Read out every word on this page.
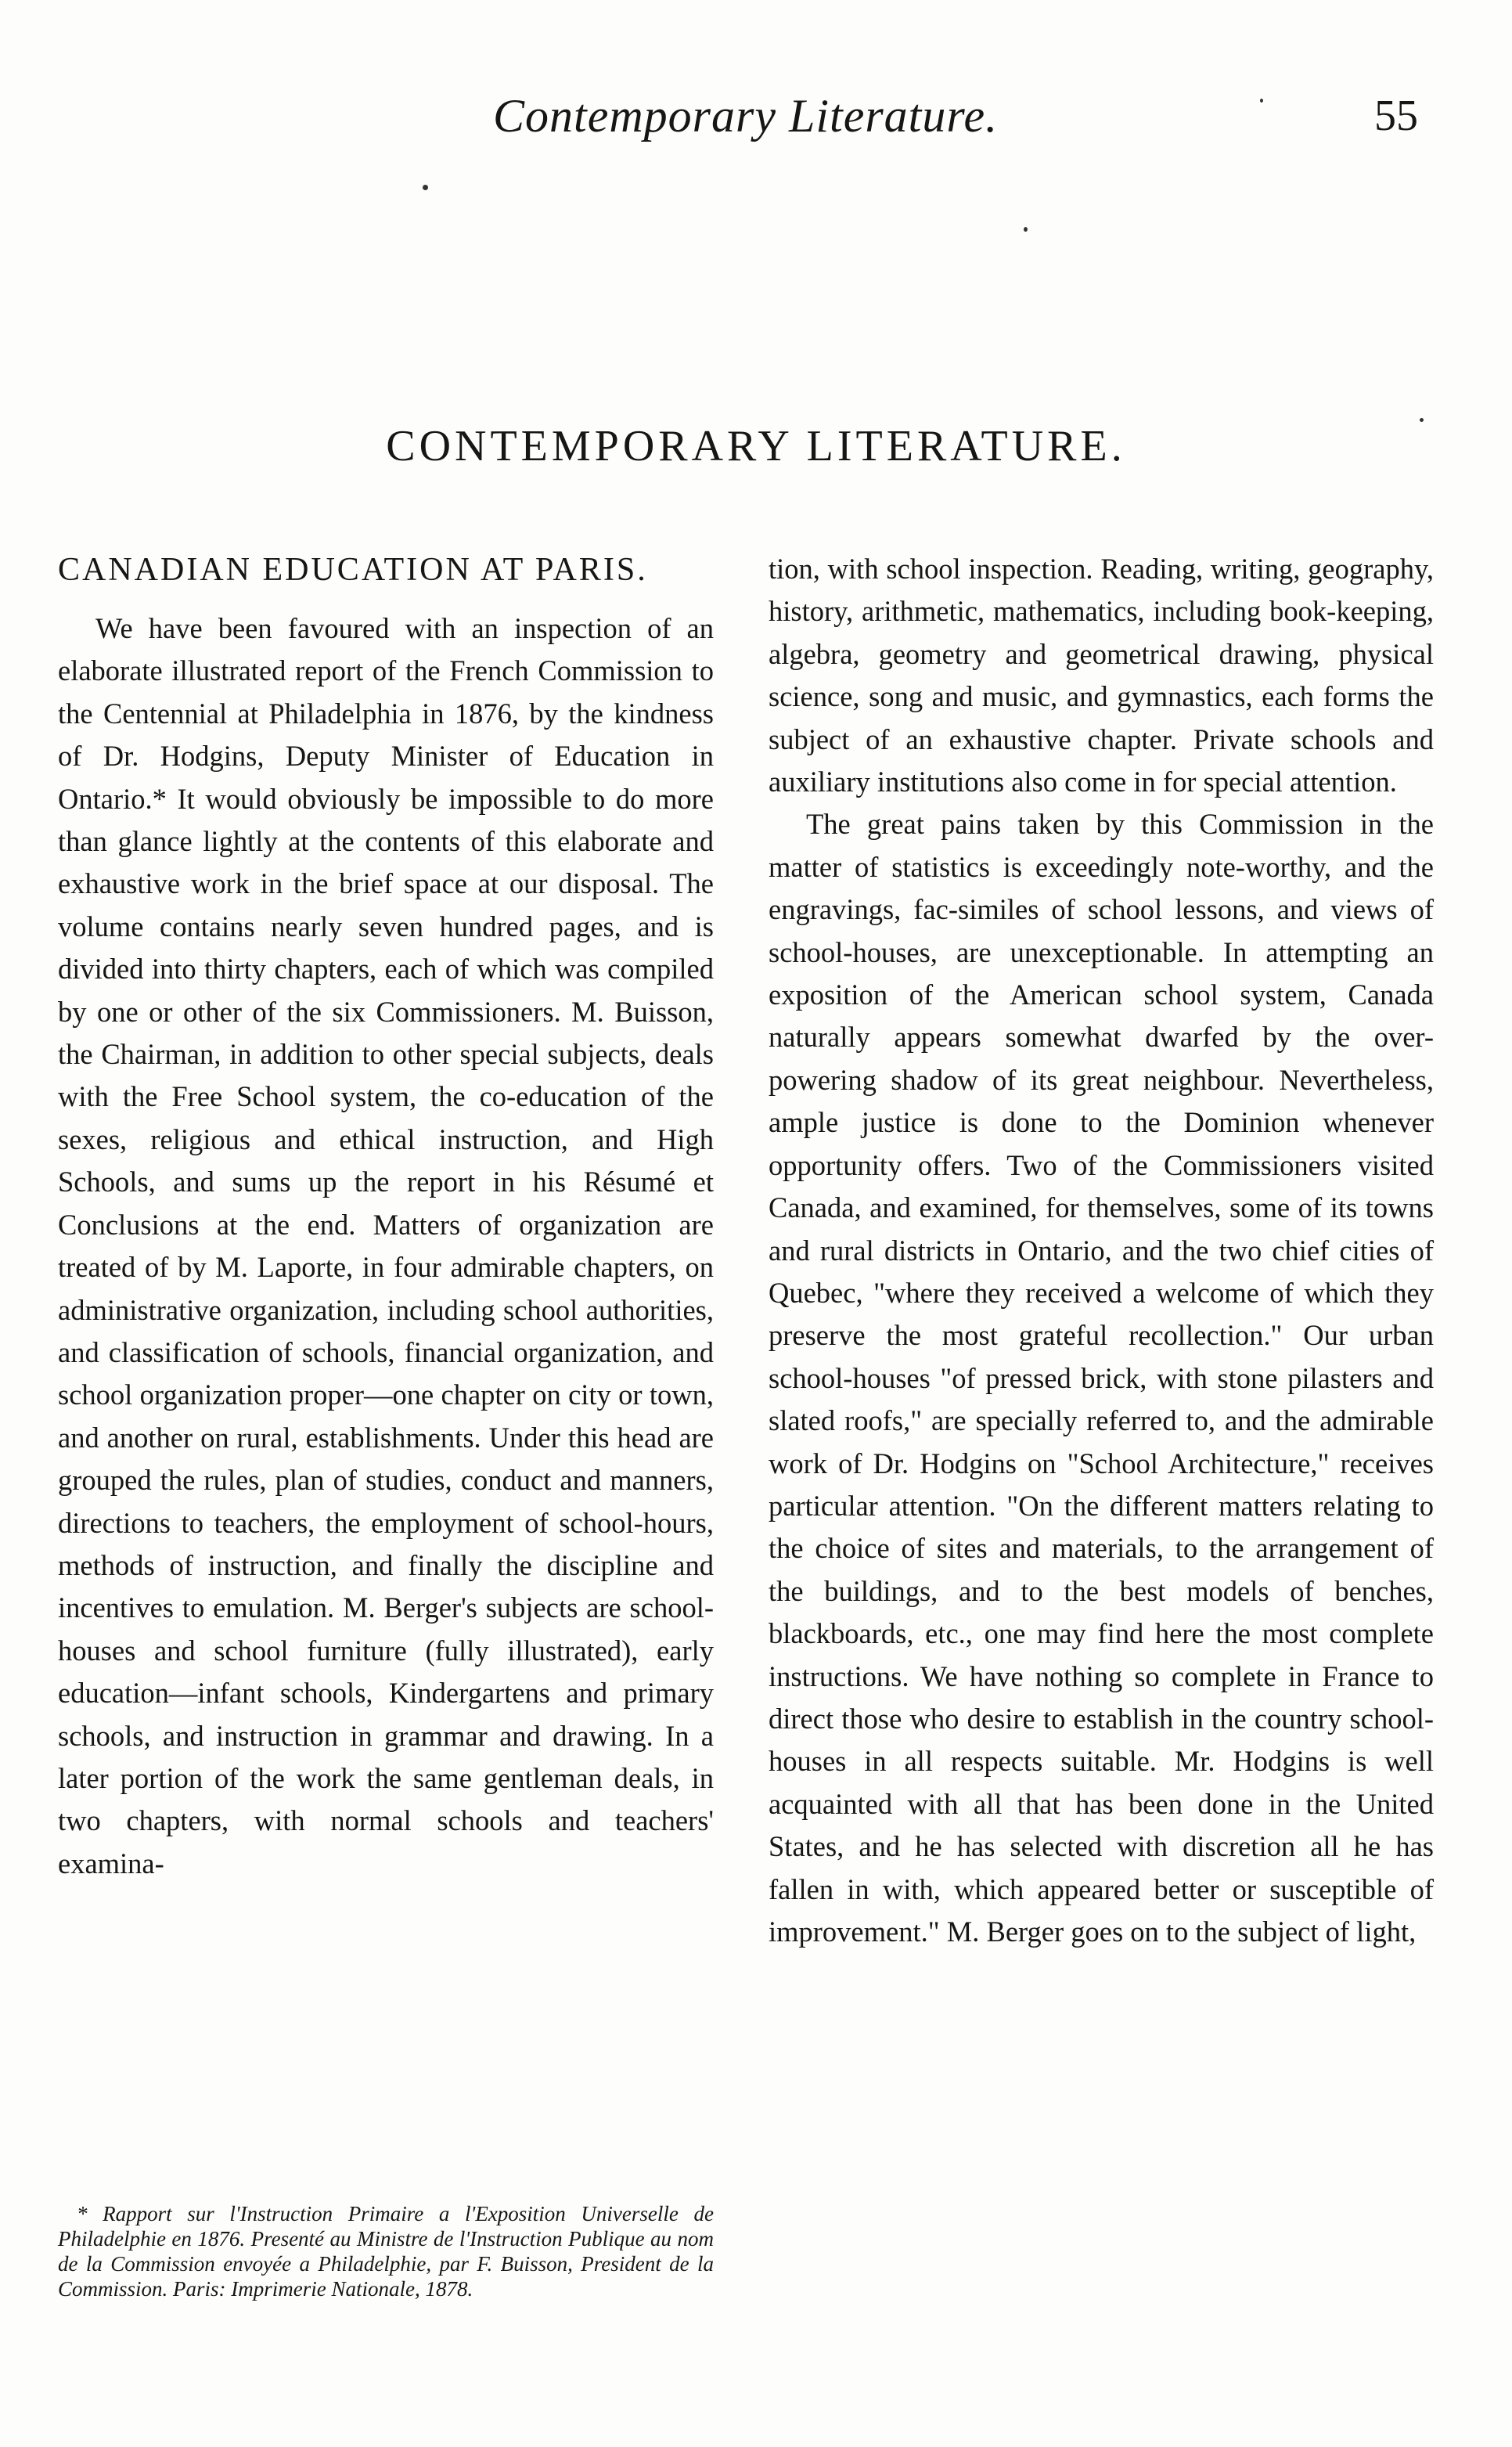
Contemporary Literature.	55
CONTEMPORARY LITERATURE.
CANADIAN EDUCATION AT PARIS.

We have been favoured with an inspection of an elaborate illustrated report of the French Commission to the Centennial at Philadelphia in 1876, by the kindness of Dr. Hodgins, Deputy Minister of Education in Ontario.* It would obviously be impossible to do more than glance lightly at the contents of this elaborate and exhaustive work in the brief space at our disposal. The volume contains nearly seven hundred pages, and is divided into thirty chapters, each of which was compiled by one or other of the six Commissioners. M. Buisson, the Chairman, in addition to other special subjects, deals with the Free School system, the co-education of the sexes, religious and ethical instruction, and High Schools, and sums up the report in his Résumé et Conclusions at the end. Matters of organization are treated of by M. Laporte, in four admirable chapters, on administrative organization, including school authorities, and classification of schools, financial organization, and school organization proper—one chapter on city or town, and another on rural, establishments. Under this head are grouped the rules, plan of studies, conduct and manners, directions to teachers, the employment of school-hours, methods of instruction, and finally the discipline and incentives to emulation. M. Berger's subjects are school-houses and school furniture (fully illustrated), early education—infant schools, Kindergartens and primary schools, and instruction in grammar and drawing. In a later portion of the work the same gentleman deals, in two chapters, with normal schools and teachers' examina-

tion, with school inspection. Reading, writing, geography, history, arithmetic, mathematics, including book-keeping, algebra, geometry and geometrical drawing, physical science, song and music, and gymnastics, each forms the subject of an exhaustive chapter. Private schools and auxiliary institutions also come in for special attention.

The great pains taken by this Commission in the matter of statistics is exceedingly note-worthy, and the engravings, fac-similes of school lessons, and views of school-houses, are unexceptionable. In attempting an exposition of the American school system, Canada naturally appears somewhat dwarfed by the over-powering shadow of its great neighbour. Nevertheless, ample justice is done to the Dominion whenever opportunity offers. Two of the Commissioners visited Canada, and examined, for themselves, some of its towns and rural districts in Ontario, and the two chief cities of Quebec, "where they received a welcome of which they preserve the most grateful recollection." Our urban school-houses "of pressed brick, with stone pilasters and slated roofs," are specially referred to, and the admirable work of Dr. Hodgins on "School Architecture," receives particular attention. "On the different matters relating to the choice of sites and materials, to the arrangement of the buildings, and to the best models of benches, blackboards, etc., one may find here the most complete instructions. We have nothing so complete in France to direct those who desire to establish in the country school-houses in all respects suitable. Mr. Hodgins is well acquainted with all that has been done in the United States, and he has selected with discretion all he has fallen in with, which appeared better or susceptible of improvement." M. Berger goes on to the subject of light,

* Rapport sur l'Instruction Primaire a l'Exposition Universelle de Philadelphie en 1876. Presenté au Ministre de l'Instruction Publique au nom de la Commission envoyée a Philadelphie, par F. Buisson, President de la Commission. Paris: Imprimerie Nationale, 1878.
